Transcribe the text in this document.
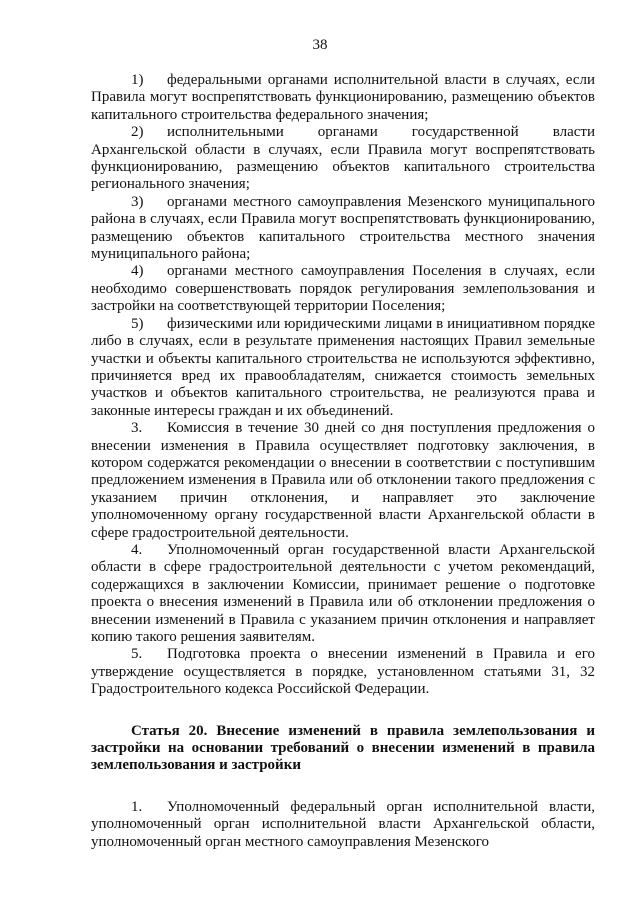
38

1) федеральными органами исполнительной власти в случаях, если Правила могут воспрепятствовать функционированию, размещению объектов капитального строительства федерального значения;

2) исполнительными органами государственной власти Архангельской области в случаях, если Правила могут воспрепятствовать функционированию, размещению объектов капитального строительства регионального значения;

3) органами местного самоуправления Мезенского муниципального района в случаях, если Правила могут воспрепятствовать функционированию, размещению объектов капитального строительства местного значения муниципального района;

4) органами местного самоуправления Поселения в случаях, если необходимо совершенствовать порядок регулирования землепользования и застройки на соответствующей территории Поселения;

5) физическими или юридическими лицами в инициативном порядке либо в случаях, если в результате применения настоящих Правил земельные участки и объекты капитального строительства не используются эффективно, причиняется вред их правообладателям, снижается стоимость земельных участков и объектов капитального строительства, не реализуются права и законные интересы граждан и их объединений.

3. Комиссия в течение 30 дней со дня поступления предложения о внесении изменения в Правила осуществляет подготовку заключения, в котором содержатся рекомендации о внесении в соответствии с поступившим предложением изменения в Правила или об отклонении такого предложения с указанием причин отклонения, и направляет это заключение уполномоченному органу государственной власти Архангельской области в сфере градостроительной деятельности.

4. Уполномоченный орган государственной власти Архангельской области в сфере градостроительной деятельности с учетом рекомендаций, содержащихся в заключении Комиссии, принимает решение о подготовке проекта о внесения изменений в Правила или об отклонении предложения о внесении изменений в Правила с указанием причин отклонения и направляет копию такого решения заявителям.

5. Подготовка проекта о внесении изменений в Правила и его утверждение осуществляется в порядке, установленном статьями 31, 32 Градостроительного кодекса Российской Федерации.

Статья 20. Внесение изменений в правила землепользования и застройки на основании требований о внесении изменений в правила землепользования и застройки

1. Уполномоченный федеральный орган исполнительной власти, уполномоченный орган исполнительной власти Архангельской области, уполномоченный орган местного самоуправления Мезенского
